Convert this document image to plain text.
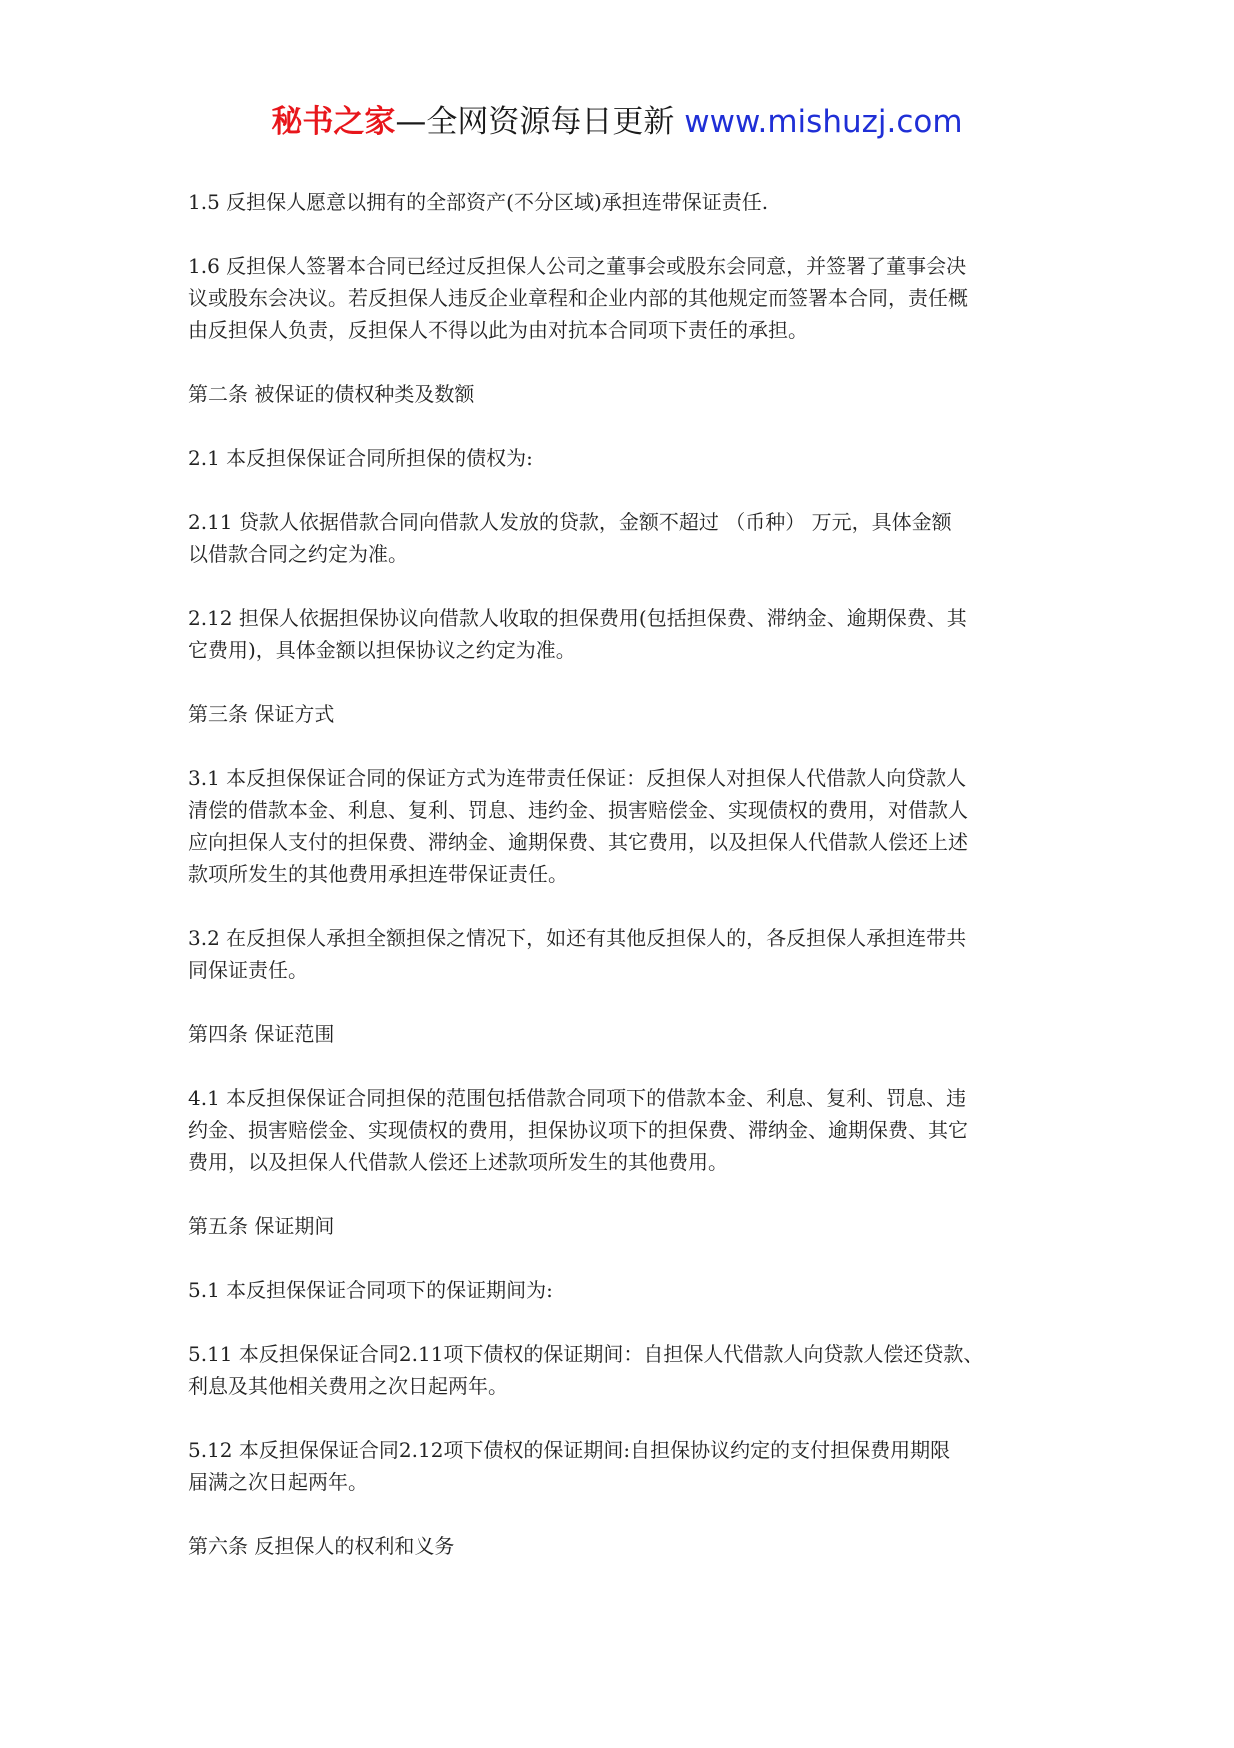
秘书之家—全网资源每日更新 www.mishuzj.com
1.5 反担保人愿意以拥有的全部资产(不分区域)承担连带保证责任.
1.6 反担保人签署本合同已经过反担保人公司之董事会或股东会同意，并签署了董事会决
议或股东会决议。若反担保人违反企业章程和企业内部的其他规定而签署本合同，责任概
由反担保人负责，反担保人不得以此为由对抗本合同项下责任的承担。
第二条 被保证的债权种类及数额
2.1 本反担保保证合同所担保的债权为:
2.11 贷款人依据借款合同向借款人发放的贷款，金额不超过 （币种） 万元，具体金额
以借款合同之约定为准。
2.12 担保人依据担保协议向借款人收取的担保费用(包括担保费、滞纳金、逾期保费、其
它费用)，具体金额以担保协议之约定为准。
第三条 保证方式
3.1 本反担保保证合同的保证方式为连带责任保证：反担保人对担保人代借款人向贷款人
清偿的借款本金、利息、复利、罚息、违约金、损害赔偿金、实现债权的费用，对借款人
应向担保人支付的担保费、滞纳金、逾期保费、其它费用，以及担保人代借款人偿还上述
款项所发生的其他费用承担连带保证责任。
3.2 在反担保人承担全额担保之情况下，如还有其他反担保人的，各反担保人承担连带共
同保证责任。
第四条 保证范围
4.1 本反担保保证合同担保的范围包括借款合同项下的借款本金、利息、复利、罚息、违
约金、损害赔偿金、实现债权的费用，担保协议项下的担保费、滞纳金、逾期保费、其它
费用，以及担保人代借款人偿还上述款项所发生的其他费用。
第五条 保证期间
5.1 本反担保保证合同项下的保证期间为:
5.11 本反担保保证合同2.11项下债权的保证期间：自担保人代借款人向贷款人偿还贷款、
利息及其他相关费用之次日起两年。
5.12 本反担保保证合同2.12项下债权的保证期间:自担保协议约定的支付担保费用期限
届满之次日起两年。
第六条 反担保人的权利和义务
